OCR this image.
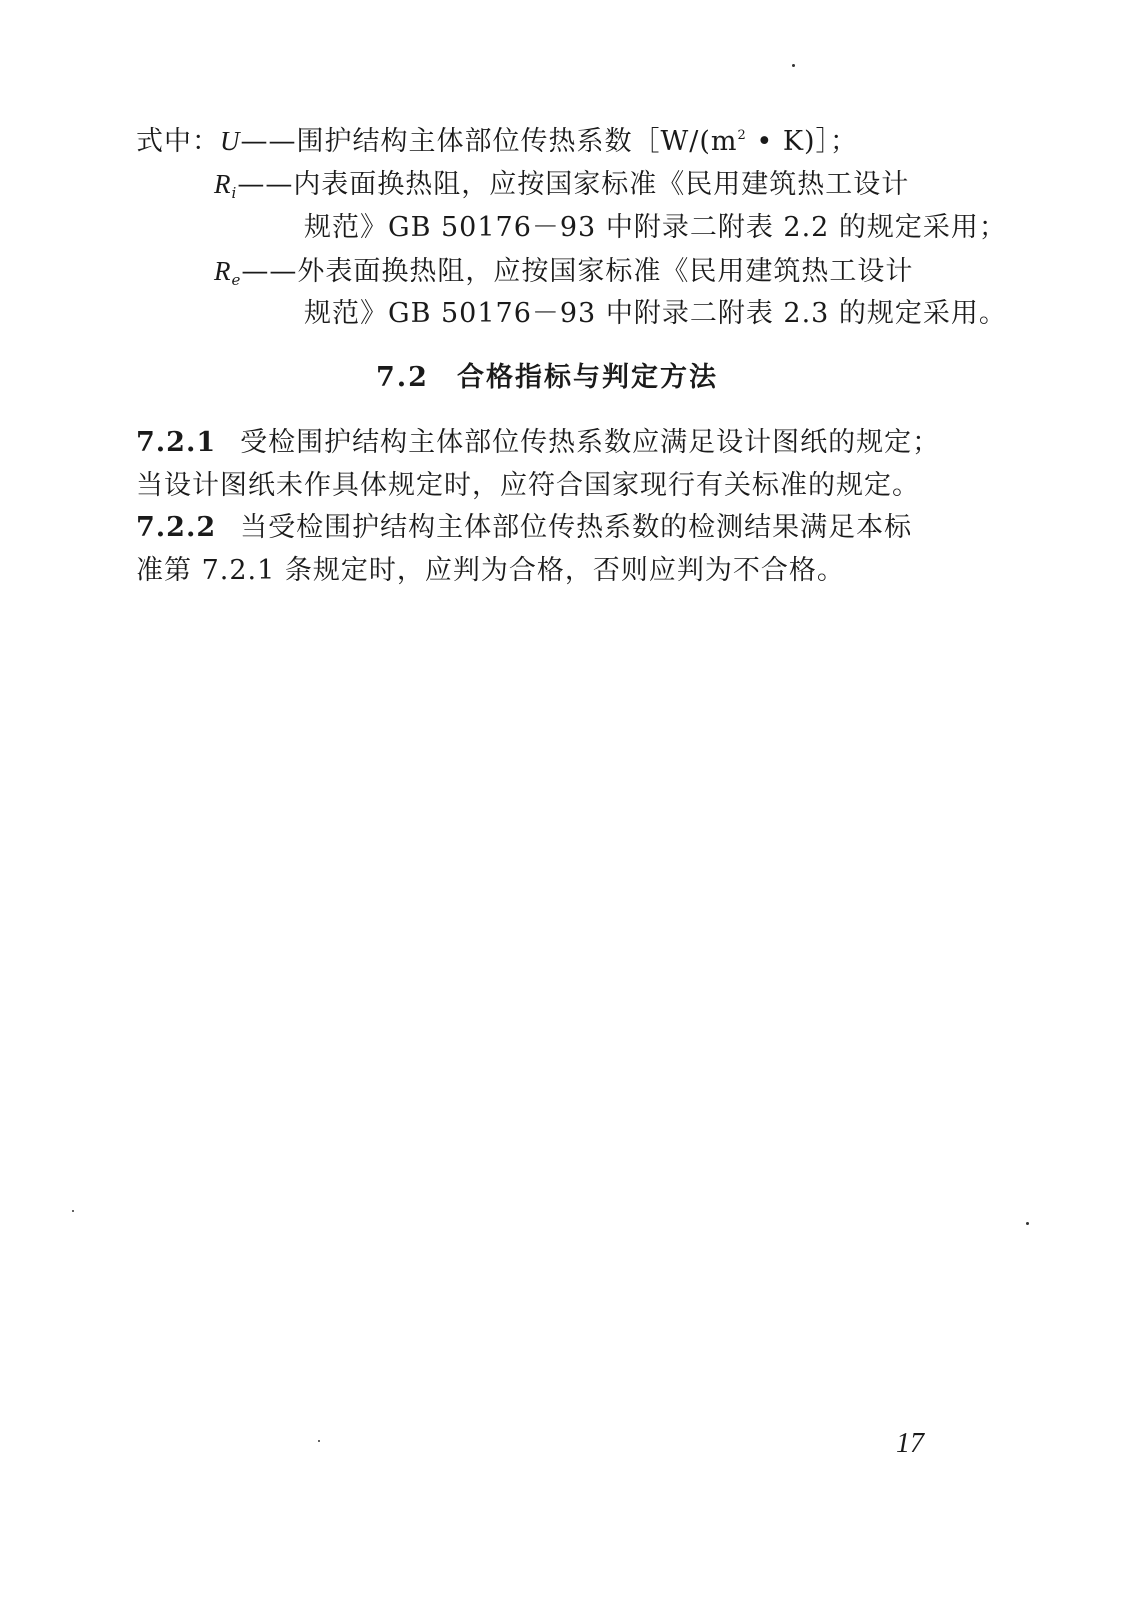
式中：U——围护结构主体部位传热系数$[W/(m^2$ • K)］；
$R_i——$内表面换热阻，应按国家标准《民用建筑热工设计
规范》GB 50176－93 中附录二附表 2.2 的规定采用；
$R_e——$外表面换热阻，应按国家标准《民用建筑热工设计
规范》GB 50176－93 中附录二附表 2.3 的规定采用。
7.2 合格指标与判定方法
7.2.1 受检围护结构主体部位传热系数应满足设计图纸的规定；
当设计图纸未作具体规定时，应符合国家现行有关标准的规定。
7.2.2 当受检围护结构主体部位传热系数的检测结果满足本标
准第 7.2.1 条规定时，应判为合格，否则应判为不合格。
17
